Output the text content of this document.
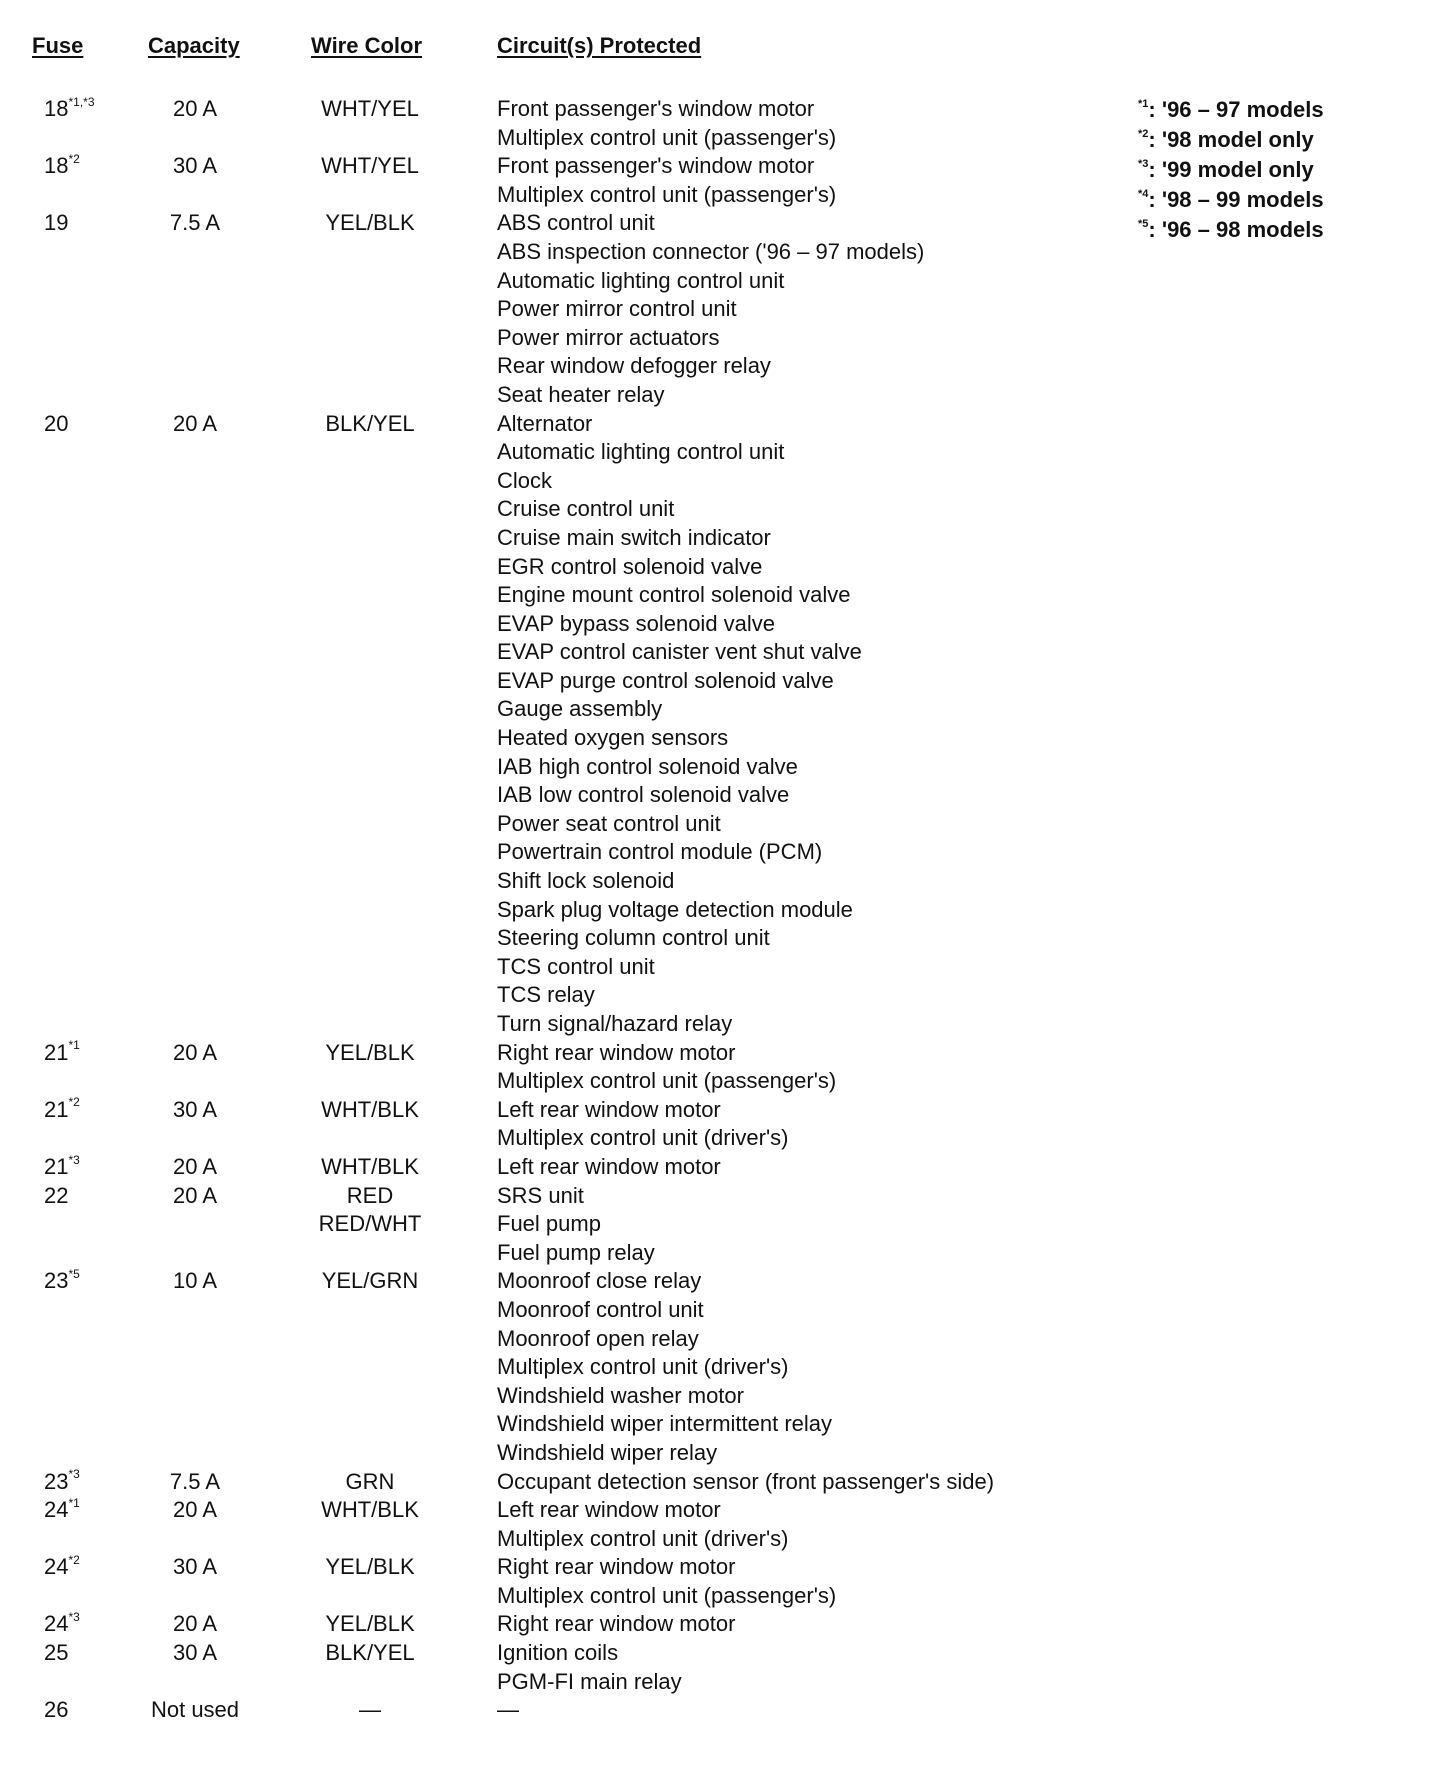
Fuse	Capacity	Wire Color	Circuit(s) Protected
$18^{*1,*3}$	20 A	WHT/YEL	Front passenger's window motor
Multiplex control unit (passenger's)
18$^{*2}$	30 A	WHT/YEL	Front passenger's window motor
Multiplex control unit (passenger's)
19	7.5 A	YEL/BLK	ABS control unit
ABS inspection connector ('96 – 97 models)
Automatic lighting control unit
Power mirror control unit
Power mirror actuators
Rear window defogger relay
Seat heater relay
20	20 A	BLK/YEL	Alternator
Automatic lighting control unit
Clock
Cruise control unit
Cruise main switch indicator
EGR control solenoid valve
Engine mount control solenoid valve
EVAP bypass solenoid valve
EVAP control canister vent shut valve
EVAP purge control solenoid valve
Gauge assembly
Heated oxygen sensors
IAB high control solenoid valve
IAB low control solenoid valve
Power seat control unit
Powertrain control module (PCM)
Shift lock solenoid
Spark plug voltage detection module
Steering column control unit
TCS control unit
TCS relay
Turn signal/hazard relay
21$^{*1}$	20 A	YEL/BLK	Right rear window motor
Multiplex control unit (passenger's)
21$^{*2}$	30 A	WHT/BLK	Left rear window motor
Multiplex control unit (driver's)
21$^{*3}$	20 A	WHT/BLK	Left rear window motor
22	20 A	RED	SRS unit
RED/WHT	Fuel pump
Fuel pump relay
23$^{*5}$	10 A	YEL/GRN	Moonroof close relay
Moonroof control unit
Moonroof open relay
Multiplex control unit (driver's)
Windshield washer motor
Windshield wiper intermittent relay
Windshield wiper relay
23$^{*3}$	7.5 A	GRN	Occupant detection sensor (front passenger's side)
24$^{*1}$	20 A	WHT/BLK	Left rear window motor
Multiplex control unit (driver's)
24$^{*2}$	30 A	YEL/BLK	Right rear window motor
Multiplex control unit (passenger's)
24$^{*3}$	20 A	YEL/BLK	Right rear window motor
25	30 A	BLK/YEL	Ignition coils
PGM-FI main relay
26	Not used	—	—
$^{*1}$: '96 – 97 models
$^{*2}$: '98 model only
$^{*3}$: '99 model only
$^{*4}$: '98 – 99 models
$^{*5}$: '96 – 98 models
